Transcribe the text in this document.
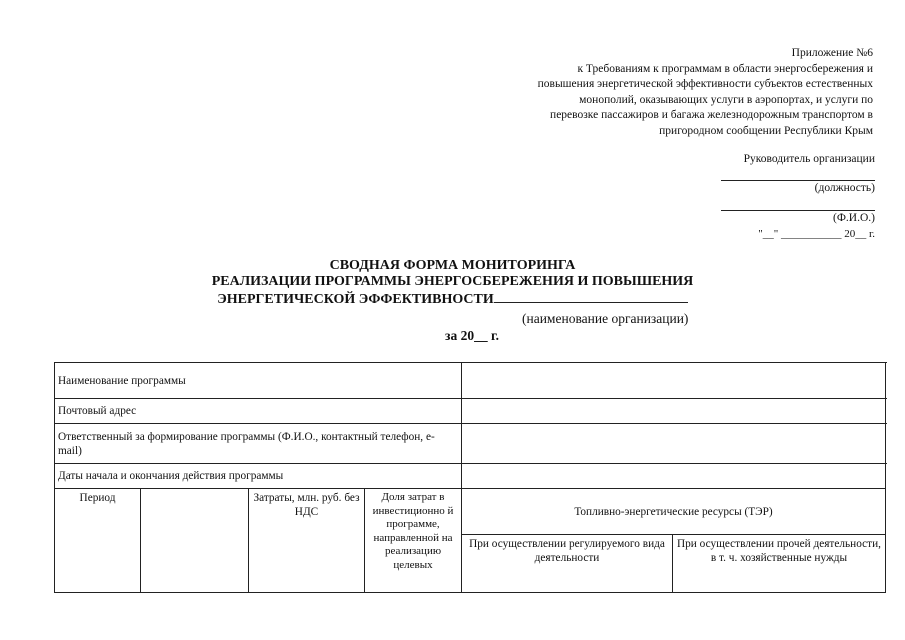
Приложение №6
к Требованиям к программам в области энергосбережения и
повышения энергетической эффективности субъектов естественных
монополий, оказывающих услуги в аэропортах, и услуги по
перевозке пассажиров и багажа железнодорожным транспортом в
пригородном сообщении Республики Крым
Руководитель организации
(должность)
(Ф.И.О.)
"__" ___________ 20__ г.
СВОДНАЯ ФОРМА МОНИТОРИНГА
РЕАЛИЗАЦИИ ПРОГРАММЫ ЭНЕРГОСБЕРЕЖЕНИЯ И ПОВЫШЕНИЯ
ЭНЕРГЕТИЧЕСКОЙ ЭФФЕКТИВНОСТИ
(наименование организации)
за 20__ г.
Наименование программы					
Почтовый адрес					
Ответственный за формирование программы (Ф.И.О., контактный телефон, e-mail)					
Даты начала и окончания действия программы					
Период		Затраты, млн. руб. без НДС	Доля затрат в инвестиционно й программе, направленной на реализацию целевых	Топливно-энергетические ресурсы (ТЭР)	
				При осуществлении регулируемого вида деятельности	При осуществлении прочей деятельности, в т. ч. хозяйственные нужды
